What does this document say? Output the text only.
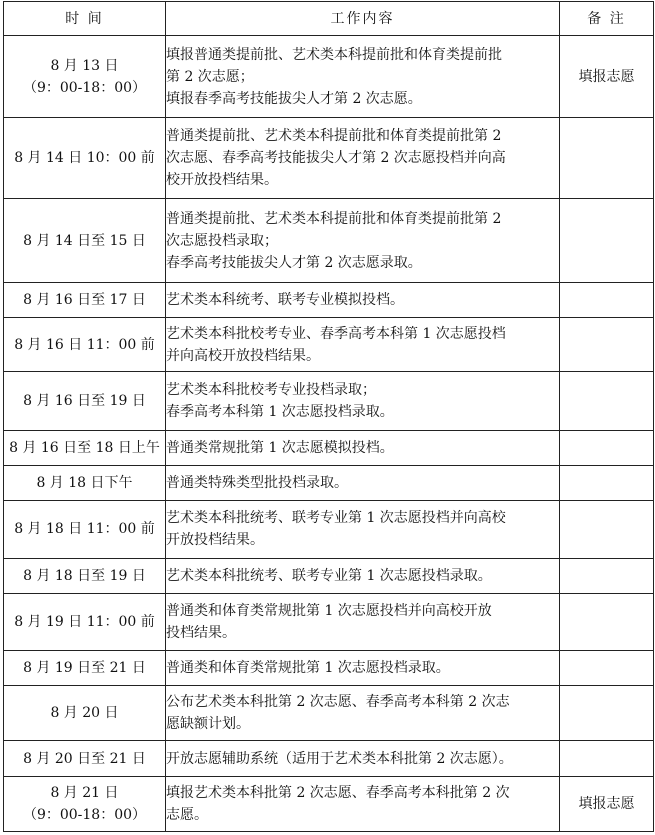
时 间	工作内容	备 注

8 月 13 日
（9：00-18：00）	填报普通类提前批、艺术类本科提前批和体育类提前批
第 2 次志愿；
填报春季高考技能拔尖人才第 2 次志愿。	填报志愿

8 月 14 日 10：00 前	普通类提前批、艺术类本科提前批和体育类提前批第 2
次志愿、春季高考技能拔尖人才第 2 次志愿投档并向高
校开放投档结果。	

8 月 14 日至 15 日	普通类提前批、艺术类本科提前批和体育类提前批第 2
次志愿投档录取；
春季高考技能拔尖人才第 2 次志愿录取。	

8 月 16 日至 17 日	艺术类本科统考、联考专业模拟投档。	

8 月 16 日 11：00 前	艺术类本科批校考专业、春季高考本科第 1 次志愿投档
并向高校开放投档结果。	

8 月 16 日至 19 日	艺术类本科批校考专业投档录取；
春季高考本科第 1 次志愿投档录取。	

8 月 16 日至 18 日上午	普通类常规批第 1 次志愿模拟投档。	

8 月 18 日下午	普通类特殊类型批投档录取。	

8 月 18 日 11：00 前	艺术类本科批统考、联考专业第 1 次志愿投档并向高校
开放投档结果。	

8 月 18 日至 19 日	艺术类本科批统考、联考专业第 1 次志愿投档录取。	

8 月 19 日 11：00 前	普通类和体育类常规批第 1 次志愿投档并向高校开放
投档结果。	

8 月 19 日至 21 日	普通类和体育类常规批第 1 次志愿投档录取。	

8 月 20 日	公布艺术类本科批第 2 次志愿、春季高考本科第 2 次志
愿缺额计划。	

8 月 20 日至 21 日	开放志愿辅助系统（适用于艺术类本科批第 2 次志愿）。	

8 月 21 日
（9：00-18：00）	填报艺术类本科批第 2 次志愿、春季高考本科批第 2 次
志愿。	填报志愿
